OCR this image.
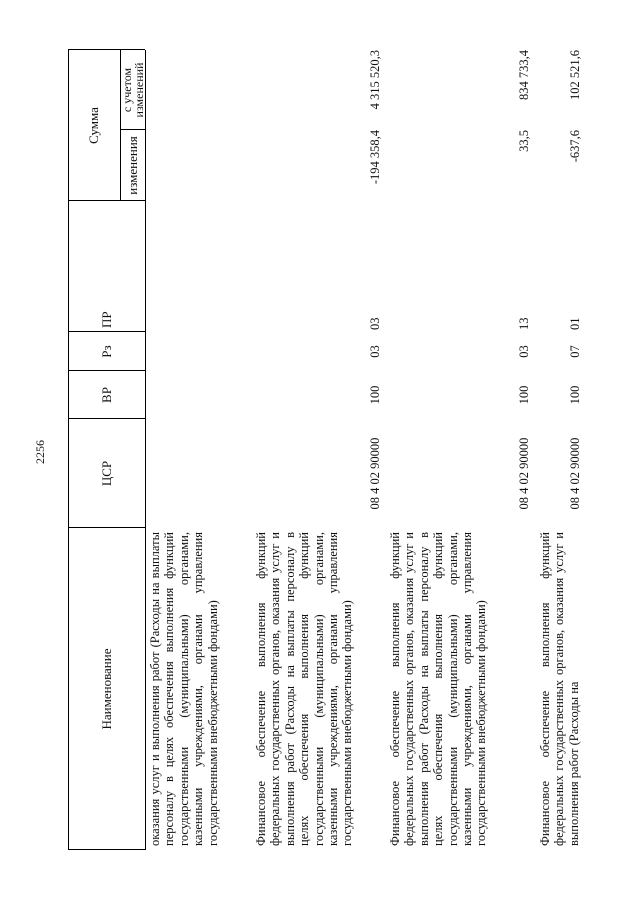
2256
Наименование
ЦСР
ВР
Рз
ПР
Сумма
изменения
с учетом изменений
оказания услуг и выполнения работ (Расходы на выплаты персоналу в целях обеспечения выполнения функций государственными (муниципальными) органами, казенными учреждениями, органами управления государственными внебюджетными фондами)	Финансовое обеспечение выполнения функций федеральных государственных органов, оказания услуг и выполнения работ (Расходы на выплаты персоналу в целях обеспечения выполнения функций государственными (муниципальными) органами, казенными учреждениями, органами управления государственными внебюджетными фондами)
08 4 02 90000
100
03
03
-194 358,4
4 315 520,3
Финансовое обеспечение выполнения функций федеральных государственных органов, оказания услуг и выполнения работ (Расходы на выплаты персоналу в целях обеспечения выполнения функций государственными (муниципальными) органами, казенными учреждениями, органами управления государственными внебюджетными фондами)
08 4 02 90000
100
03
13
33,5
834 733,4
Финансовое обеспечение выполнения функций федеральных государственных органов, оказания услуг и выполнения работ (Расходы на
08 4 02 90000
100
07
01
-637,6
102 521,6
